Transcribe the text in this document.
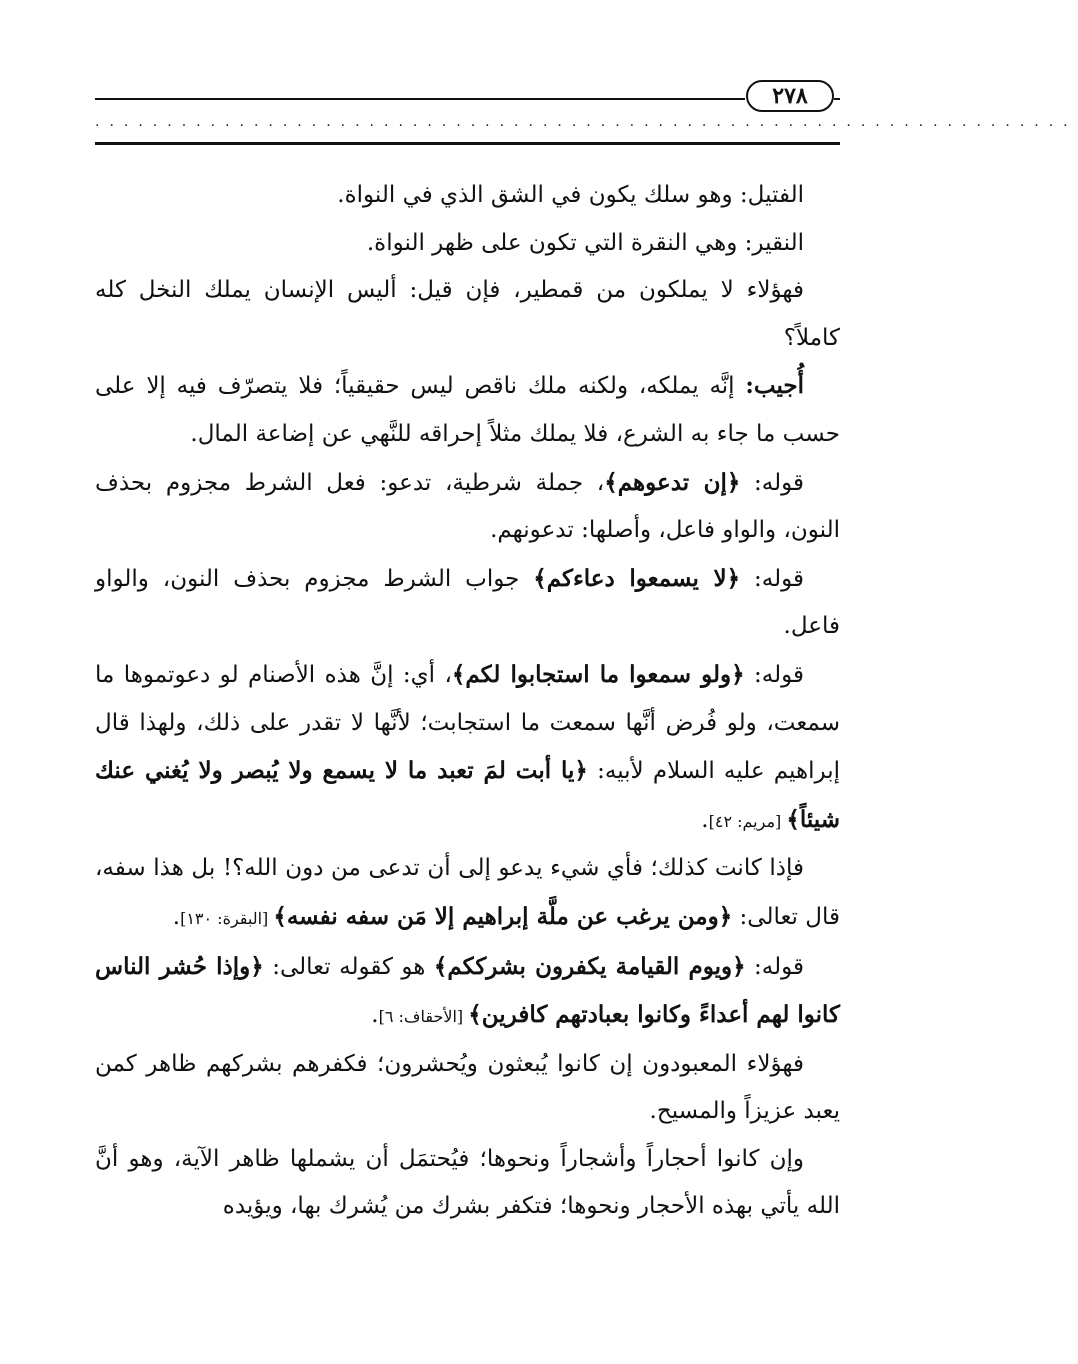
٢٧٨
....................................................................

الفتيل: وهو سلك يكون في الشق الذي في النواة.

النقير: وهي النقرة التي تكون على ظهر النواة.

فهؤلاء لا يملكون من قمطير، فإن قيل: أليس الإنسان يملك النخل كله كاملاً؟

أُجيب: إنَّه يملكه، ولكنه ملك ناقص ليس حقيقياً؛ فلا يتصرّف فيه إلا على حسب ما جاء به الشرع، فلا يملك مثلاً إحراقه للنَّهي عن إضاعة المال.

قوله: ﴿إن تدعوهم﴾، جملة شرطية، تدعو: فعل الشرط مجزوم بحذف النون، والواو فاعل، وأصلها: تدعونهم.

قوله: ﴿لا يسمعوا دعاءكم﴾ جواب الشرط مجزوم بحذف النون، والواو فاعل.

قوله: ﴿ولو سمعوا ما استجابوا لكم﴾، أي: إنَّ هذه الأصنام لو دعوتموها ما سمعت، ولو فُرض أنَّها سمعت ما استجابت؛ لأنَّها لا تقدر على ذلك، ولهذا قال إبراهيم عليه السلام لأبيه: ﴿يا أبت لمَ تعبد ما لا يسمع ولا يُبصر ولا يُغني عنك شيئاً﴾ [مريم: ٤٢].

فإذا كانت كذلك؛ فأي شيء يدعو إلى أن تدعى من دون الله؟! بل هذا سفه، قال تعالى: ﴿ومن يرغب عن ملَّة إبراهيم إلا مَن سفه نفسه﴾ [البقرة: ١٣٠].

قوله: ﴿ويوم القيامة يكفرون بشرككم﴾ هو كقوله تعالى: ﴿وإذا حُشر الناس كانوا لهم أعداءً وكانوا بعبادتهم كافرين﴾ [الأحقاف: ٦].

فهؤلاء المعبودون إن كانوا يُبعثون ويُحشرون؛ فكفرهم بشركهم ظاهر كمن يعبد عزيزاً والمسيح.

وإن كانوا أحجاراً وأشجاراً ونحوها؛ فيُحتمَل أن يشملها ظاهر الآية، وهو أنَّ الله يأتي بهذه الأحجار ونحوها؛ فتكفر بشرك من يُشرك بها، ويؤيده
